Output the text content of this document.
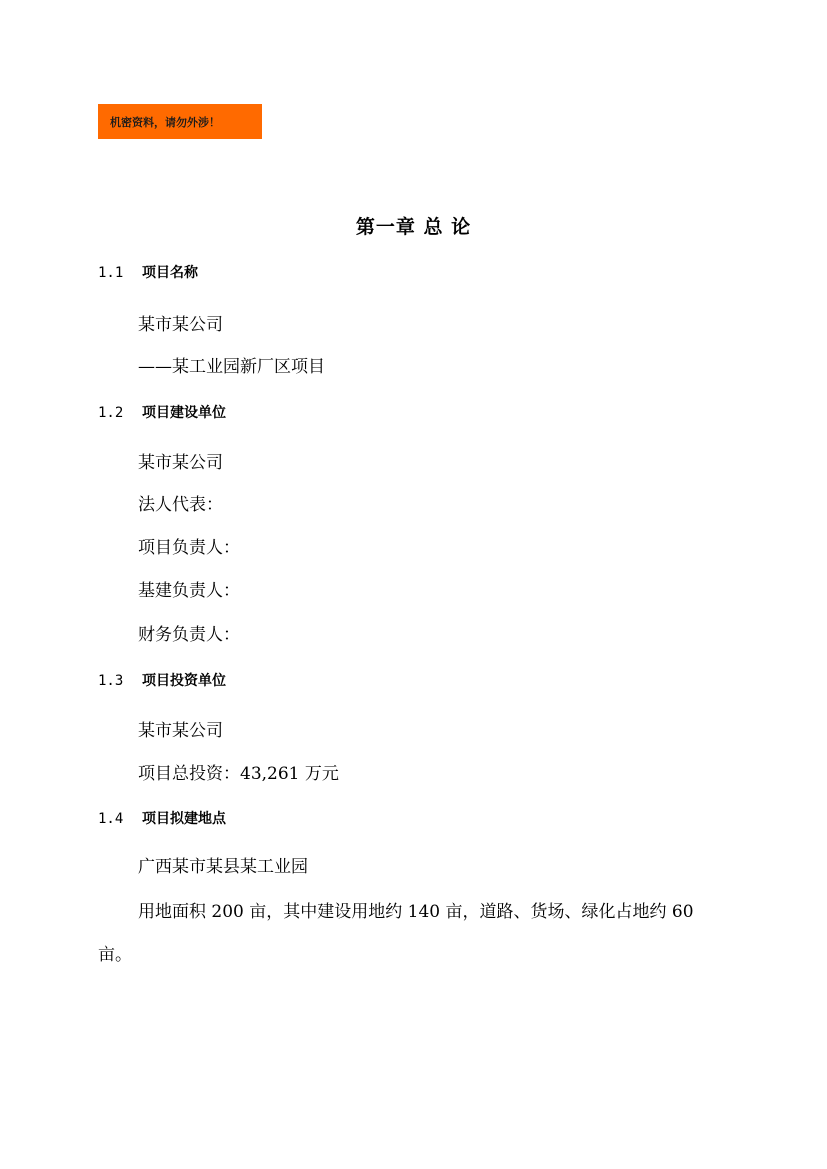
机密资料，请勿外涉！
第一章 总 论
1.1 项目名称
某市某公司
——某工业园新厂区项目
1.2 项目建设单位
某市某公司
法人代表：
项目负责人：
基建负责人：
财务负责人：
1.3 项目投资单位
某市某公司
项目总投资：43,261 万元
1.4 项目拟建地点
广西某市某县某工业园
用地面积 200 亩，其中建设用地约 140 亩，道路、货场、绿化占地约 60
亩。
